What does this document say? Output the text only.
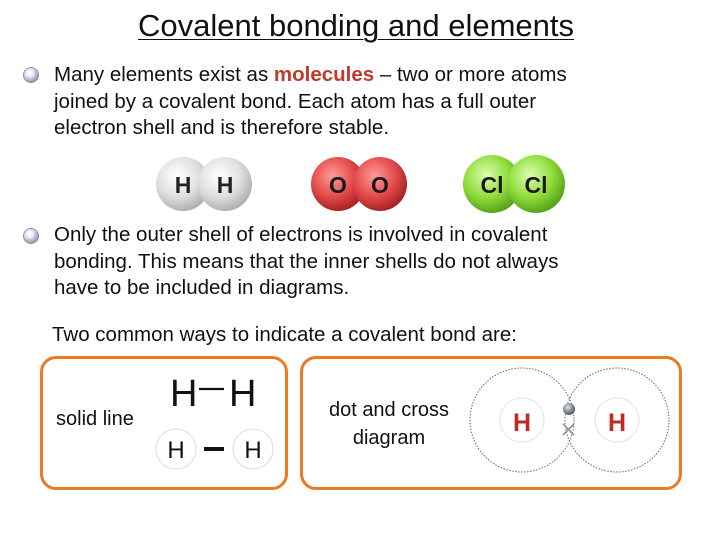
Covalent bonding and elements
Many elements exist as molecules – two or more atoms
joined by a covalent bond. Each atom has a full outer
electron shell and is therefore stable.
H H	O O	Cl Cl
Only the outer shell of electrons is involved in covalent
bonding. This means that the inner shells do not always
have to be included in diagrams.
Two common ways to indicate a covalent bond are:
solid line
H H
H H
dot and cross
diagram
H	H
